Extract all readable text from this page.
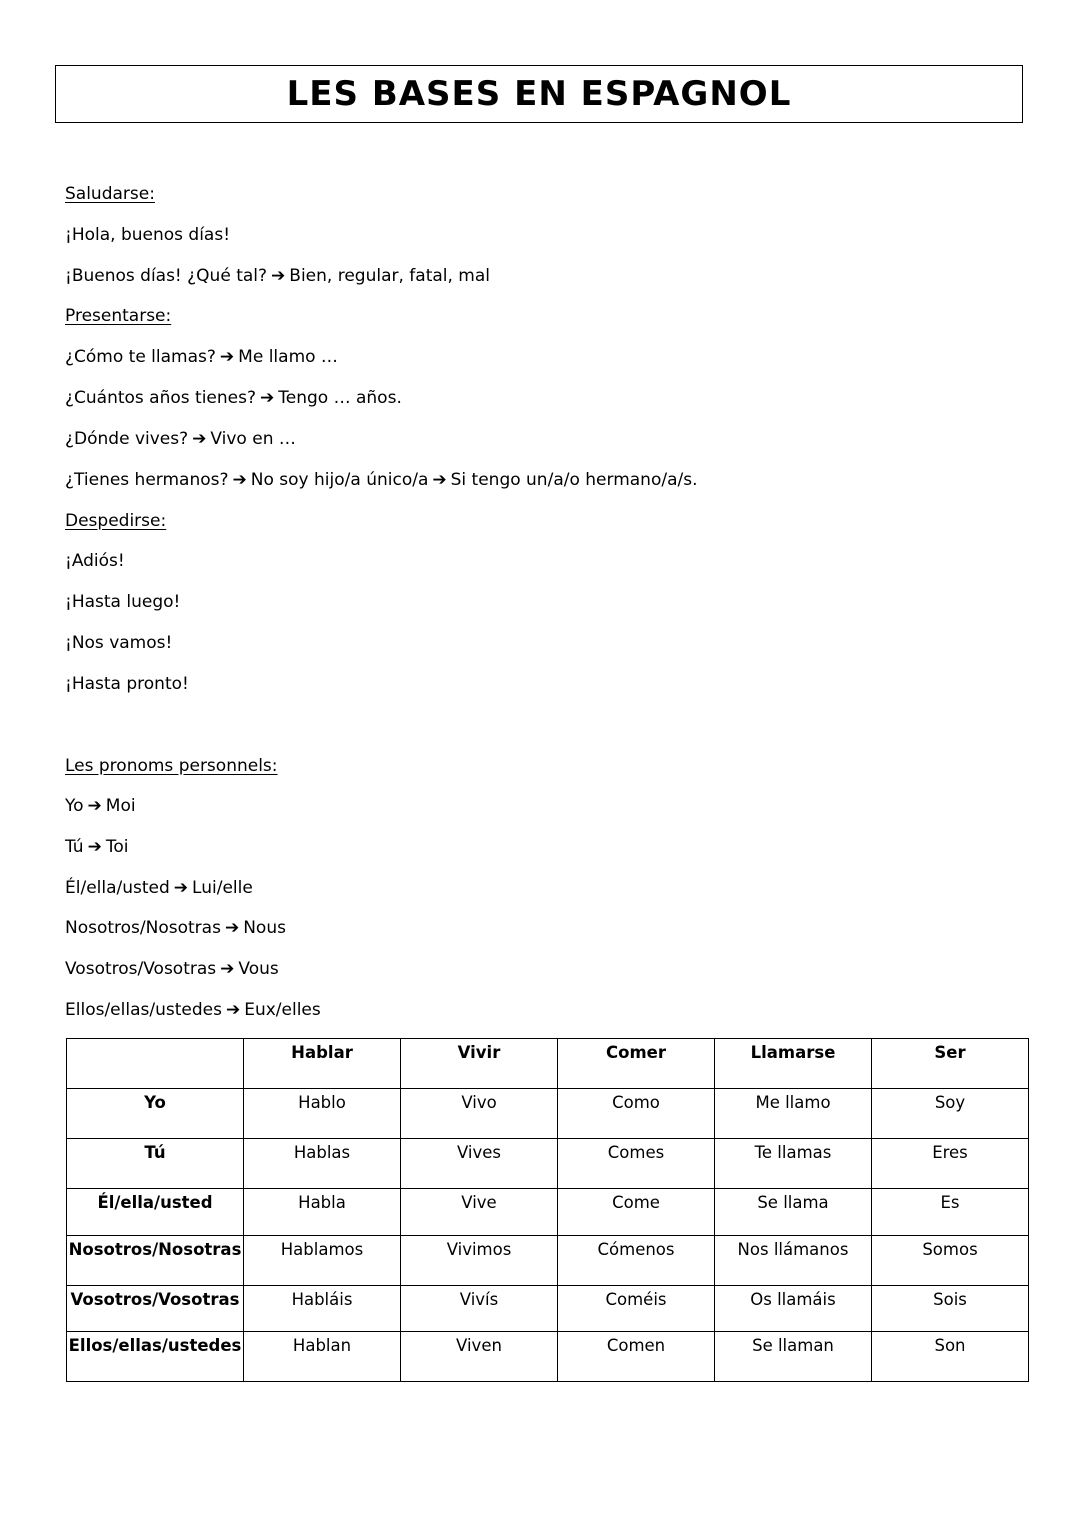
LES BASES EN ESPAGNOL
Saludarse:
¡Hola, buenos días!
¡Buenos días! ¿Qué tal? ➔ Bien, regular, fatal, mal
Presentarse:
¿Cómo te llamas? ➔ Me llamo …
¿Cuántos años tienes? ➔ Tengo … años.
¿Dónde vives? ➔ Vivo en …
¿Tienes hermanos? ➔ No soy hijo/a único/a ➔ Si tengo un/a/o hermano/a/s.
Despedirse:
¡Adiós!
¡Hasta luego!
¡Nos vamos!
¡Hasta pronto!
Les pronoms personnels:
Yo ➔ Moi
Tú ➔ Toi
Él/ella/usted ➔ Lui/elle
Nosotros/Nosotras ➔ Nous
Vosotros/Vosotras ➔ Vous
Ellos/ellas/ustedes ➔ Eux/elles
	Hablar	Vivir	Comer	Llamarse	Ser
Yo	Hablo	Vivo	Como	Me llamo	Soy
Tú	Hablas	Vives	Comes	Te llamas	Eres
Él/ella/usted	Habla	Vive	Come	Se llama	Es
Nosotros/Nosotras	Hablamos	Vivimos	Cómenos	Nos llámanos	Somos
Vosotros/Vosotras	Habláis	Vivís	Coméis	Os llamáis	Sois
Ellos/ellas/ustedes	Hablan	Viven	Comen	Se llaman	Son
